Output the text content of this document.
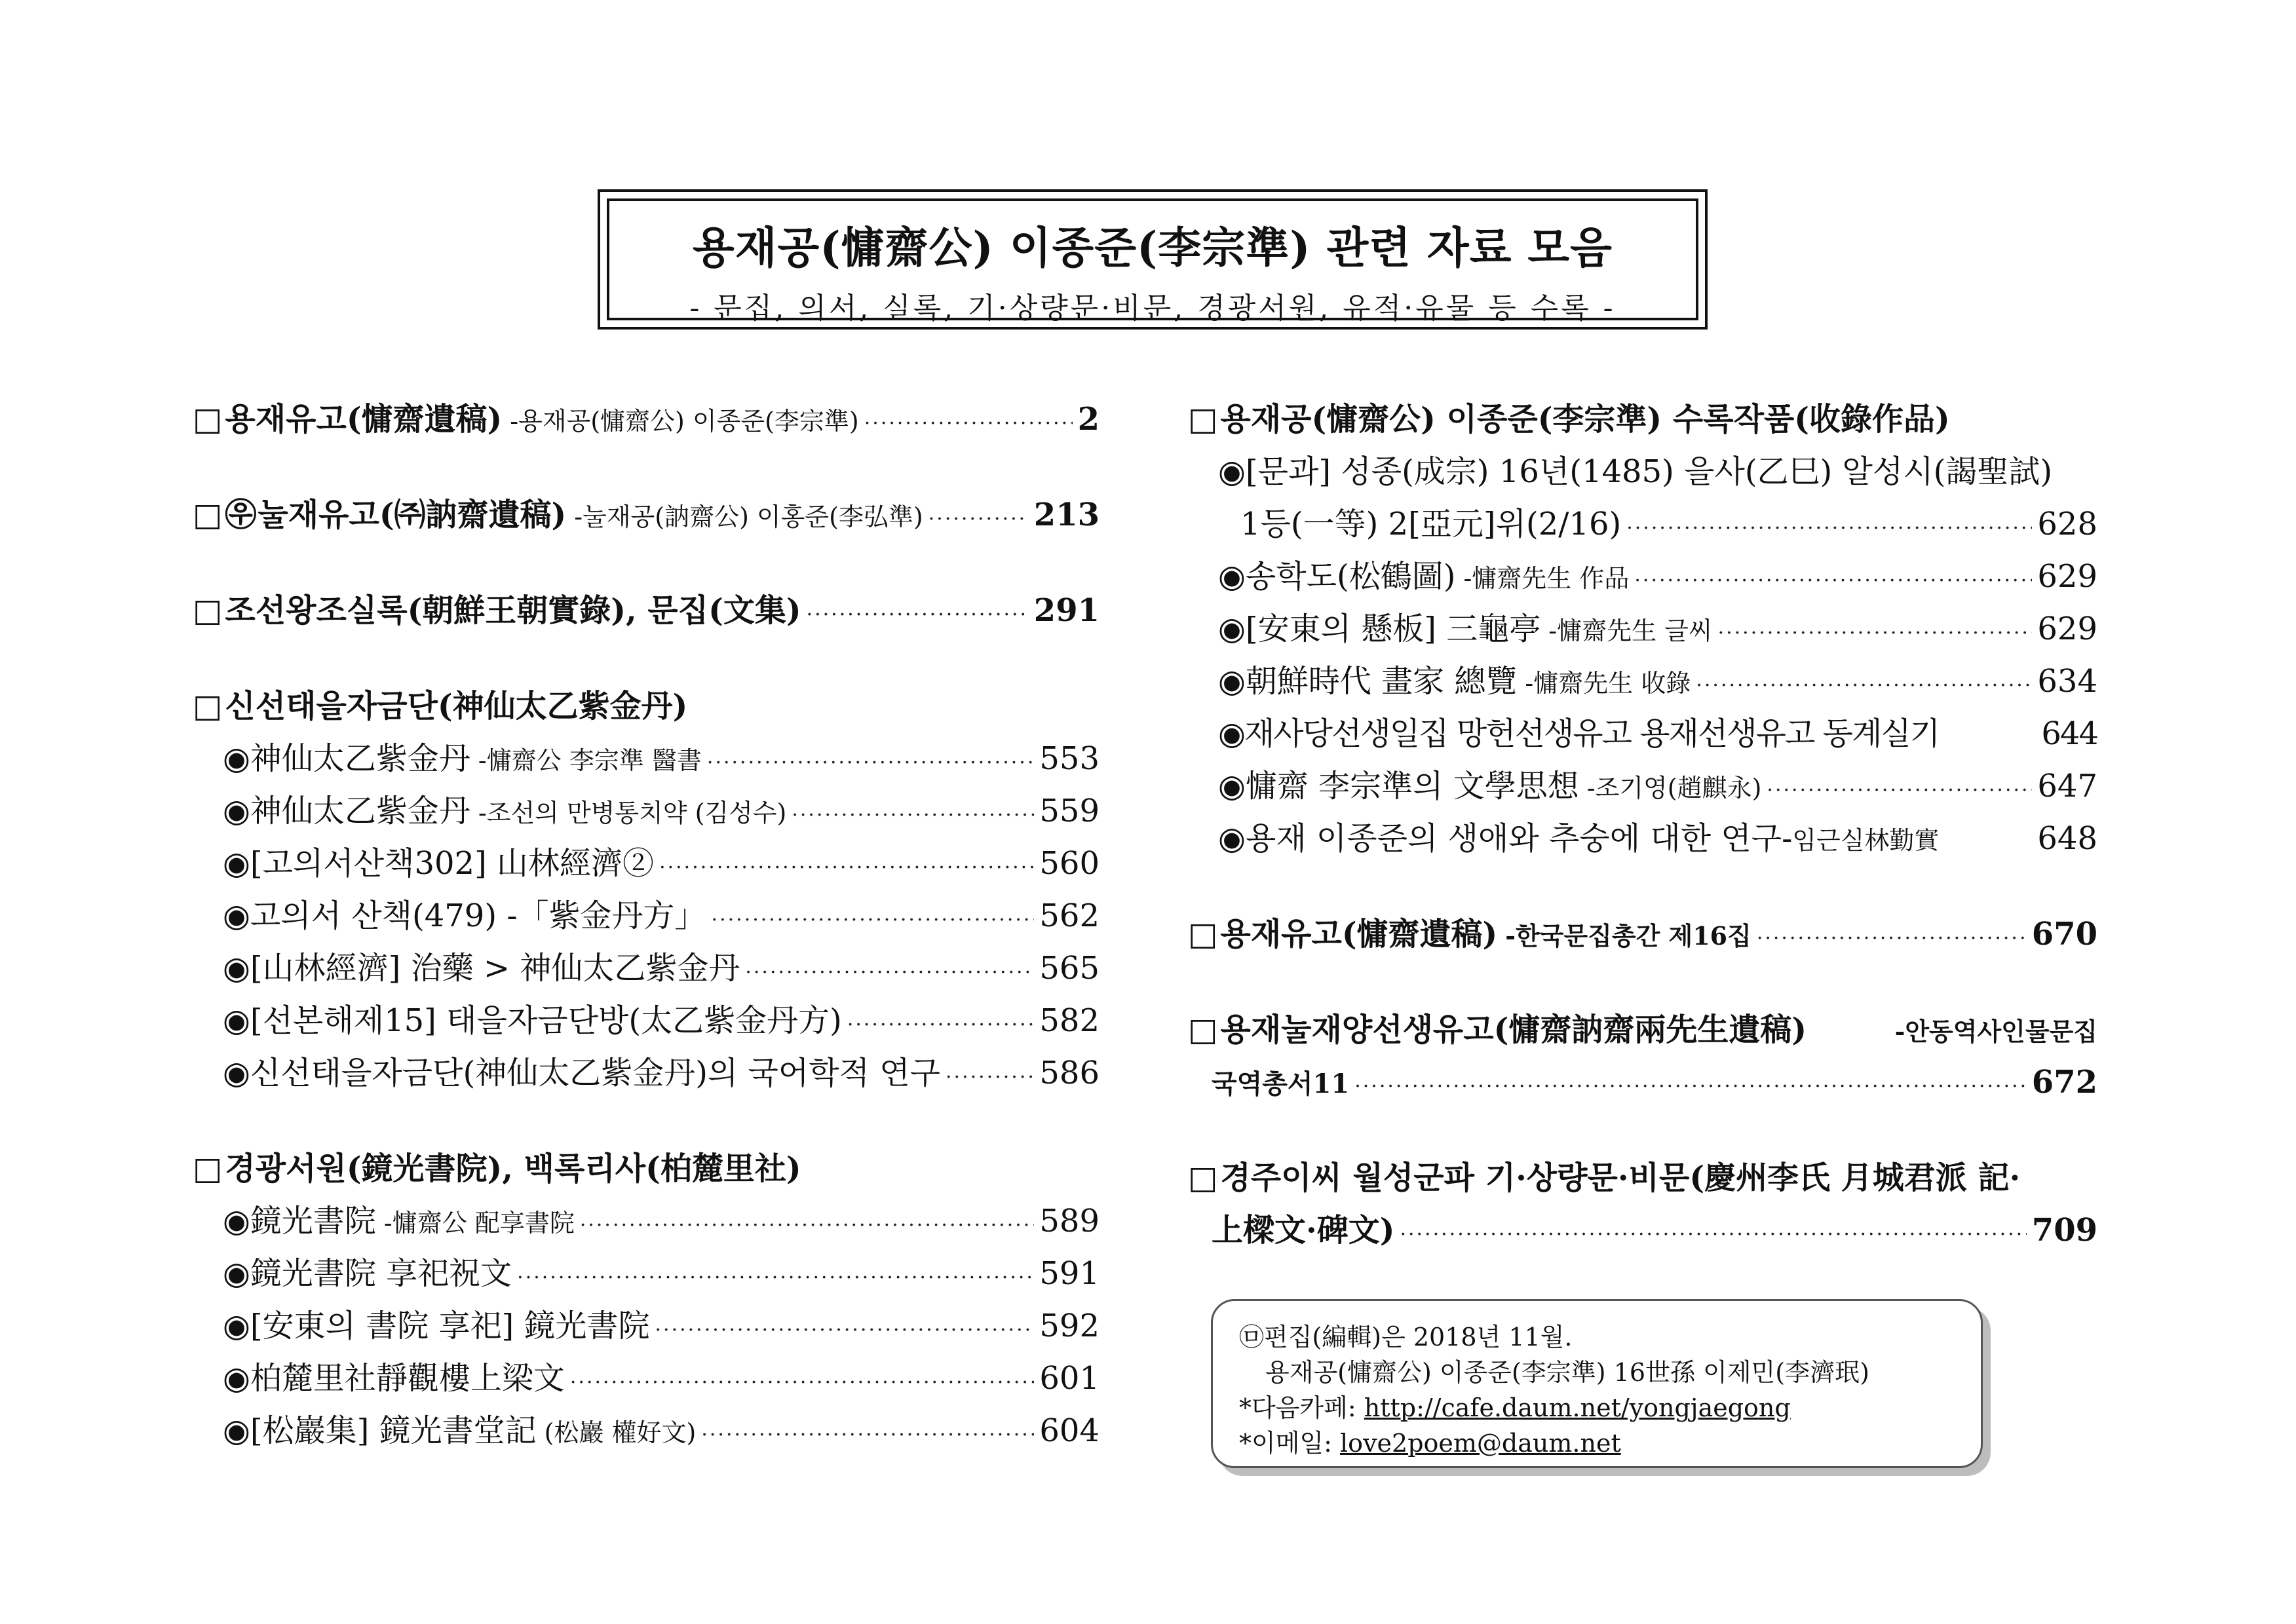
용재공(慵齋公) 이종준(李宗準) 관련 자료 모음
- 문집, 의서, 실록, 기·상량문·비문, 경광서원, 유적·유물 등 수록 -
□ 용재유고(慵齋遺稿) -용재공(慵齋公) 이종준(李宗準) ·····	2
□ ㉾ 눌재유고(㈜訥齋遺稿) -눌재공(訥齋公) 이홍준(李弘準) ·····	213
□ 조선왕조실록(朝鮮王朝實錄), 문집(文集) ·····	291
□ 신선태을자금단(神仙太乙紫金丹)
◉ 神仙太乙紫金丹 -慵齋公 李宗準 醫書 ·····	553
◉ 神仙太乙紫金丹 -조선의 만병통치약 (김성수) ·····	559
◉ [고의서산책302] 山林經濟② ·····	560
◉ 고의서 산책(479) -「紫金丹方」 ·····	562
◉ [山林經濟] 治藥 > 神仙太乙紫金丹 ·····	565
◉ [선본해제15] 태을자금단방(太乙紫金丹方) ·····	582
◉ 신선태을자금단(神仙太乙紫金丹)의 국어학적 연구 ·····	586
□ 경광서원(鏡光書院), 백록리사(柏麓里社)
◉ 鏡光書院 -慵齋公 配享書院 ·····	589
◉ 鏡光書院 享祀祝文 ·····	591
◉ [安東의 書院 享祀] 鏡光書院 ·····	592
◉ 柏麓里社靜觀樓上梁文 ·····	601
◉ [松巖集] 鏡光書堂記 (松巖 權好文) ·····	604
□ 용재공(慵齋公) 이종준(李宗準) 수록작품(收錄作品)
◉ [문과] 성종(成宗) 16년(1485) 을사(乙巳) 알성시(謁聖試)
1등(一等) 2[亞元]위(2/16) ·····	628
◉ 송학도(松鶴圖) -慵齋先生 作品 ·····	629
◉ [安東의 懸板] 三龜亭 -慵齋先生 글씨 ·····	629
◉ 朝鮮時代 畫家 總覽 -慵齋先生 收錄 ·····	634
◉ 재사당선생일집 망헌선생유고 용재선생유고 동계실기	644
◉ 慵齋 李宗準의 文學思想 -조기영(趙麒永) ·····	647
◉ 용재 이종준의 생애와 추숭에 대한 연구- 임근실林勤實	648
□ 용재유고(慵齋遺稿) -한국문집총간 제16집 ·····	670
□ 용재눌재양선생유고(慵齋訥齋兩先生遺稿)	-안동역사인물문집
국역총서11 ·····	672
□ 경주이씨 월성군파 기·상량문·비문(慶州李氏 月城君派 記·
上樑文·碑文) ·····	709
㉤편집(編輯)은 2018년 11월.
용재공(慵齋公) 이종준(李宗準) 16世孫 이제민(李濟珉)
*다음카페: http://cafe.daum.net/yongjaegong
*이메일: love2poem@daum.net
